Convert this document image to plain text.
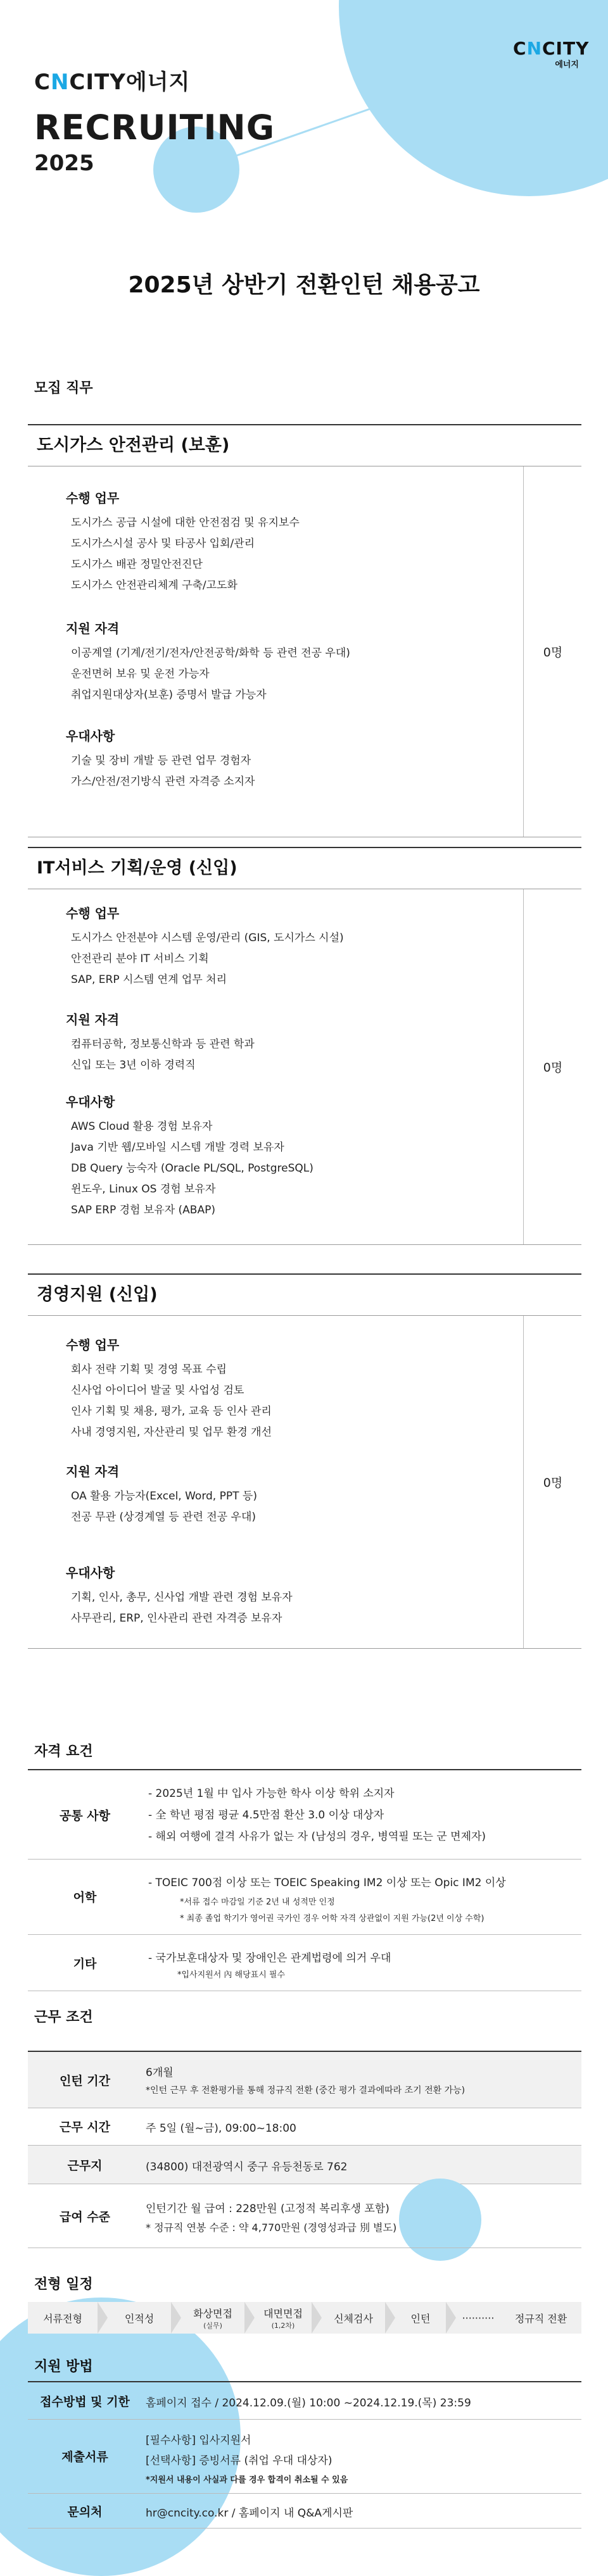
CNCITY
에너지
CNCITY에너지
RECRUITING
2025
2025년 상반기 전환인턴 채용공고
모집 직무
도시가스 안전관리 (보훈)
수행 업무
도시가스 공급 시설에 대한 안전점검 및 유지보수
도시가스시설 공사 및 타공사 입회/관리
도시가스 배관 정밀안전진단
도시가스 안전관리체계 구축/고도화
지원 자격
이공계열 (기계/전기/전자/안전공학/화학 등 관련 전공 우대)
운전면허 보유 및 운전 가능자
취업지원대상자(보훈) 증명서 발급 가능자
우대사항
기술 및 장비 개발 등 관련 업무 경험자
가스/안전/전기방식 관련 자격증 소지자
0명
IT서비스 기획/운영 (신입)
수행 업무
도시가스 안전분야 시스템 운영/관리 (GIS, 도시가스 시설)
안전관리 분야 IT 서비스 기획
SAP, ERP 시스템 연계 업무 처리
지원 자격
컴퓨터공학, 정보통신학과 등 관련 학과
신입 또는 3년 이하 경력직
우대사항
AWS Cloud 활용 경험 보유자
Java 기반 웹/모바일 시스템 개발 경력 보유자
DB Query 능숙자 (Oracle PL/SQL, PostgreSQL)
윈도우, Linux OS 경험 보유자
SAP ERP 경험 보유자 (ABAP)
0명
경영지원 (신입)
수행 업무
회사 전략 기획 및 경영 목표 수립
신사업 아이디어 발굴 및 사업성 검토
인사 기획 및 채용, 평가, 교육 등 인사 관리
사내 경영지원, 자산관리 및 업무 환경 개선
지원 자격
OA 활용 가능자(Excel, Word, PPT 등)
전공 무관 (상경계열 등 관련 전공 우대)
우대사항
기획, 인사, 총무, 신사업 개발 관련 경험 보유자
사무관리, ERP, 인사관리 관련 자격증 보유자
0명
자격 요건
공통 사항
- 2025년 1월 中 입사 가능한 학사 이상 학위 소지자
- 全 학년 평점 평균 4.5만점 환산 3.0 이상 대상자
- 해외 여행에 결격 사유가 없는 자 (남성의 경우, 병역필 또는 군 면제자)
어학
- TOEIC 700점 이상 또는 TOEIC Speaking IM2 이상 또는 Opic IM2 이상
*서류 접수 마감일 기준 2년 내 성적만 인정
* 최종 졸업 학기가 영어권 국가인 경우 어학 자격 상관없이 지원 가능(2년 이상 수학)
기타	- 국가보훈대상자 및 장애인은 관계법령에 의거 우대
*입사지원서 內 해당표시 필수
근무 조건
인턴 기간
6개월
*인턴 근무 후 전환평가를 통해 정규직 전환 (중간 평가 결과에따라 조기 전환 가능)
근무 시간	주 5일 (월~금), 09:00~18:00
근무지	(34800) 대전광역시 중구 유등천동로 762
급여 수준
인턴기간 월 급여 : 228만원 (고정적 복리후생 포함)
* 정규직 연봉 수준 : 약 4,770만원 (경영성과급 別 별도)
전형 일정
서류전형	인적성	화상면접
(실무)
대면면접
(1,2차)
신체검사	인턴	·········· 정규직 전환
지원 방법
접수방법 및 기한	홈페이지 접수 / 2024.12.09.(월) 10:00 ~2024.12.19.(목) 23:59
제출서류
[필수사항] 입사지원서
[선택사항] 증빙서류 (취업 우대 대상자)
*지원서 내용이 사실과 다를 경우 합격이 취소될 수 있음
문의처	hr@cncity.co.kr / 홈페이지 내 Q&A게시판
